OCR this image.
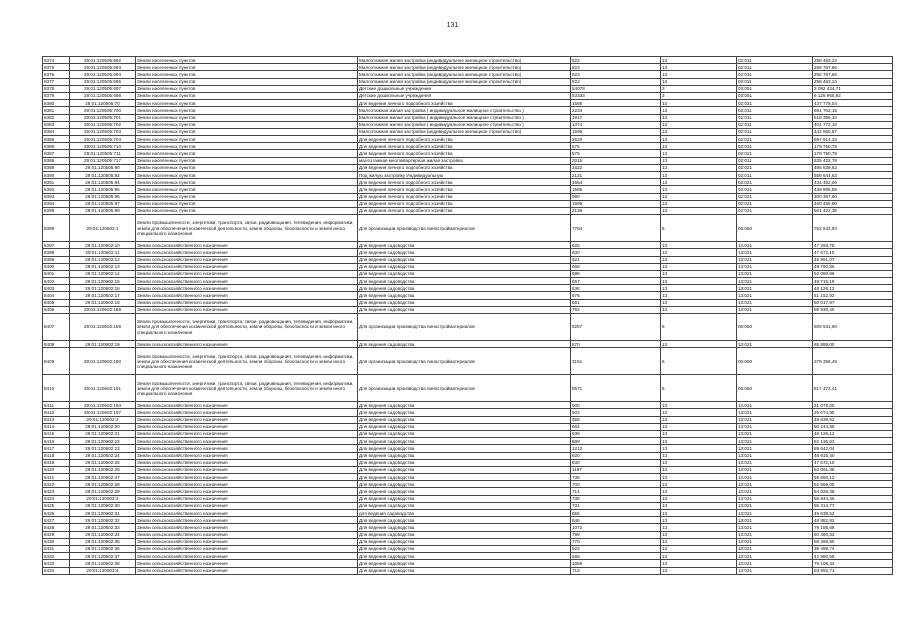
131
8374	29:01:120505:692	Земли населенных пунктов	Малоэтажная жилая застройка (индивидуальное жилищное строительство)	822	13	02:011	258 453,24
8375	29:01:120505:693	Земли населенных пунктов	Малоэтажная жилая застройка (индивидуальное жилищное строительство)	823	13	02:011	258 767,66
8376	29:01:120505:694	Земли населенных пунктов	Малоэтажная жилая застройка (индивидуальное жилищное строительство)	823	13	02:011	258 767,66
8377	29:01:120505:695	Земли населенных пунктов	Малоэтажная жилая застройка (индивидуальное жилищное строительство)	822	13	02:011	258 453,24
8378	29:01:120505:697	Земли населенных пунктов	Детские дошкольные учреждения	54078	3	03:051	3 092 434,71
8379	29:01:120505:698	Земли населенных пунктов	Детские дошкольные учреждения	53333	3	03:051	6 126 965,92
8380	29:01:120505:70	Земли населенных пунктов	Для ведения личного подсобного хозяйства	1595	13	02:021	437 779,04
8381	29:01:120505:700	Земли населенных пунктов	Малоэтажная жилая застройка ( индивидуальное жилищное строительство )	2234	13	02:011	691 762,15
8382	29:01:120505:701	Земли населенных пунктов	Малоэтажная жилая застройка ( индивидуальное жилищное строительство )	1917	13	02:011	518 359,10
8383	29:01:120505:702	Земли населенных пунктов	Малоэтажная жилая застройка ( индивидуальное жилищное строительство )	1374	13	02:011	401 772,16
8384	29:01:120505:703	Земли населенных пунктов	Малоэтажная жилая застройка (индивидуальное жилищное строительство)	1595	13	02:011	442 860,57
8385	29:01:120505:704	Земли населенных пунктов	Для ведения личного подсобного хозяйства	2520	13	02:021	697 914,33
8386	29:01:120505:710	Земли населенных пунктов	Для ведения личного подсобного хозяйства	575	13	02:021	179 750,75
8387	29:01:120505:711	Земли населенных пунктов	Для ведения личного подсобного хозяйства	575	13	02:021	179 750,75
8388	29:01:120505:717	Земли населенных пунктов	малоэтажная многоквартирная жилая застройка	2015	13	02:011	535 422,78
8389	29:01:120505:90	Земли населенных пунктов	Для ведения личного подсобного хозяйства	1822	13	02:021	495 539,62
8390	29:01:120505:92	Земли населенных пунктов	Под жилую застройку Индивидуальную	2131	13	02:011	559 644,63
8391	29:01:120505:94	Земли населенных пунктов	Для ведения личного подсобного хозяйства	1564	13	02:021	434 462,06
8392	29:01:120505:95	Земли населенных пунктов	Для ведения личного подсобного хозяйства	1585	13	02:021	438 805,59
8393	29:01:120505:96	Земли населенных пунктов	Для ведения личного подсобного хозяйства	990	13	02:021	300 357,60
8394	29:01:120505:97	Земли населенных пунктов	Для ведения личного подсобного хозяйства	1695	13	02:021	460 458,90
8395	29:01:120505:99	Земли населенных пунктов	Для ведения личного подсобного хозяйства	2136	13	02:021	561 422,35
8396	29:01:120602:1	Земли промышленности, энергетики, транспорта, связи, радиовещания, телевидения, информатики, земли для обеспечения космической деятельности, земли обороны, безопасности и земли иного специального назначения	Для организации производства пиностройматериалов	7764	6	06:060	752 842,94
8397	29:01:120602:10	Земли сельскохозяйственного назначения	Для ведения садоводства	625	13	13:021	47 293,75
8398	29:01:120602:11	Земли сельскохозяйственного назначения	Для ведения садоводства	630	13	13:021	47 672,10
8399	29:01:120602:12	Земли сельскохозяйственного назначения	Для ведения садоводства	621	13	13:021	46 991,07
8400	29:01:120602:13	Земли сельскохозяйственного назначения	Для ведения садоводства	658	13	13:021	49 790,86
8401	29:01:120602:14	Земли сельскохозяйственного назначения	Для ведения садоводства	686	13	13:021	52 060,96
8402	29:01:120602:15	Земли сельскохозяйственного назначения	Для ведения садоводства	657	13	13:021	49 715,19
8403	29:01:120602:16	Земли сельскохозяйственного назначения	Для ведения садоводства	636	13	13:021	48 126,12
8404	29:01:120602:17	Земли сельскохозяйственного назначения	Для ведения садоводства	676	13	13:021	51 152,92
8405	29:01:120602:18	Земли сельскохозяйственного назначения	Для ведения садоводства	661	13	13:021	50 017,87
8406	29:01:120602:188	Земли сельскохозяйственного назначения	Для ведения садоводства	792	13	13:021	59 930,40
8407	29:01:120602:189	Земли промышленности, энергетики, транспорта, связи, радиовещания, телевидения, информатики, земли для обеспечения космической деятельности, земли обороны, безопасности и земли иного специального назначения	Для организации производства пиностройматериалов	5257	6	06:060	509 931,60
8408	29:01:120602:19	Земли сельскохозяйственного назначения	Для ведения садоводства	870	13	13:021	65 899,00
8409	29:01:120602:190	Земли промышленности, энергетики, транспорта, связи, радиовещания, телевидения, информатики, земли для обеспечения космической деятельности, земли обороны, безопасности и земли иного специального назначения	Для организации производства пиностройматериалов	3151	6	06:060	379 358,45
8410	29:01:120602:191	Земли промышленности, энергетики, транспорта, связи, радиовещания, телевидения, информатики, земли для обеспечения космической деятельности, земли обороны, безопасности и земли иного специального назначения	Для организации производства пиностройматериалов	8571	6	06:060	817 472,41
8411	29:01:120602:193	Земли сельскохозяйственного назначения	Для ведения садоводства	500	13	13:021	21 075,00
8412	29:01:120602:197	Земли сельскохозяйственного назначения	Для ведения садоводства	502	13	13:021	25 074,90
8413	29:01:120602:2	Земли сельскохозяйственного назначения	Для ведения садоводства	656	13	13:021	49 639,52
8414	29:01:120602:20	Земли сельскохозяйственного назначения	Для ведения садоводства	664	13	13:021	50 244,88
8415	29:01:120602:21	Земли сельскохозяйственного назначения	Для ведения садоводства	636	13	13:021	48 126,12
8416	29:01:120602:22	Земли сельскохозяйственного назначения	Для ведения садоводства	689	13	13:021	52 136,63
8417	29:01:120602:23	Земли сельскохозяйственного назначения	Для ведения садоводства	1212	13	13:021	89 642,04
8418	29:01:120602:24	Земли сельскохозяйственного назначения	Для ведения садоводства	620	13	13:021	46 915,40
8419	29:01:120602:25	Земли сельскохозяйственного назначения	Для ведения садоводства	630	13	13:021	47 672,10
8420	29:01:120602:26	Земли сельскохозяйственного назначения	Для ведения садоводства	1197	13	13:021	82 091,35
8421	29:01:120602:27	Земли сельскохозяйственного назначения	Для ведения садоводства	736	13	13:021	55 693,12
8422	29:01:120602:28	Земли сельскохозяйственного назначения	Для ведения садоводства	700	13	13:021	52 969,00
8423	29:01:120602:29	Земли сельскохозяйственного назначения	Для ведения садоводства	714	13	13:021	54 028,38
8424	29:01:120602:3	Земли сельскохозяйственного назначения	Для ведения садоводства	738	13	13:021	55 844,46
8425	29:01:120602:30	Земли сельскохозяйственного назначения	Для ведения садоводства	731	13	13:021	55 314,77
8426	29:01:120602:31	Земли сельскохозяйственного назначения	для ведения садоводства	656	13	13:021	49 639,52
8427	29:01:120602:32	Земли сельскохозяйственного назначения	Для ведения садоводства	646	13	13:021	48 882,82
8428	29:01:120602:33	Земли сельскохозяйственного назначения	Для ведения садоводства	1072	13	13:021	79 185,68
8429	29:01:120602:34	Земли сельскохозяйственного назначения	Для ведения садоводства	799	13	13:021	60 460,33
8430	29:01:120602:35	Земли сельскохозяйственного назначения	Для ведения садоводства	770	13	13:021	58 265,90
8431	29:01:120602:36	Земли сельскохозяйственного назначения	Для ведения садоводства	522	13	13:021	39 499,74
8432	29:01:120602:37	Земли сельскохозяйственного назначения	Для ведения садоводства	568	13	13:021	42 980,56
8433	29:01:120602:38	Земли сельскохозяйственного назначения	Для ведения садоводства	1055	13	13:021	79 108,44
8434	29:01:120602:4	Земли сельскохозяйственного назначения	Для ведения садоводства	713	13	13:021	53 952,71
